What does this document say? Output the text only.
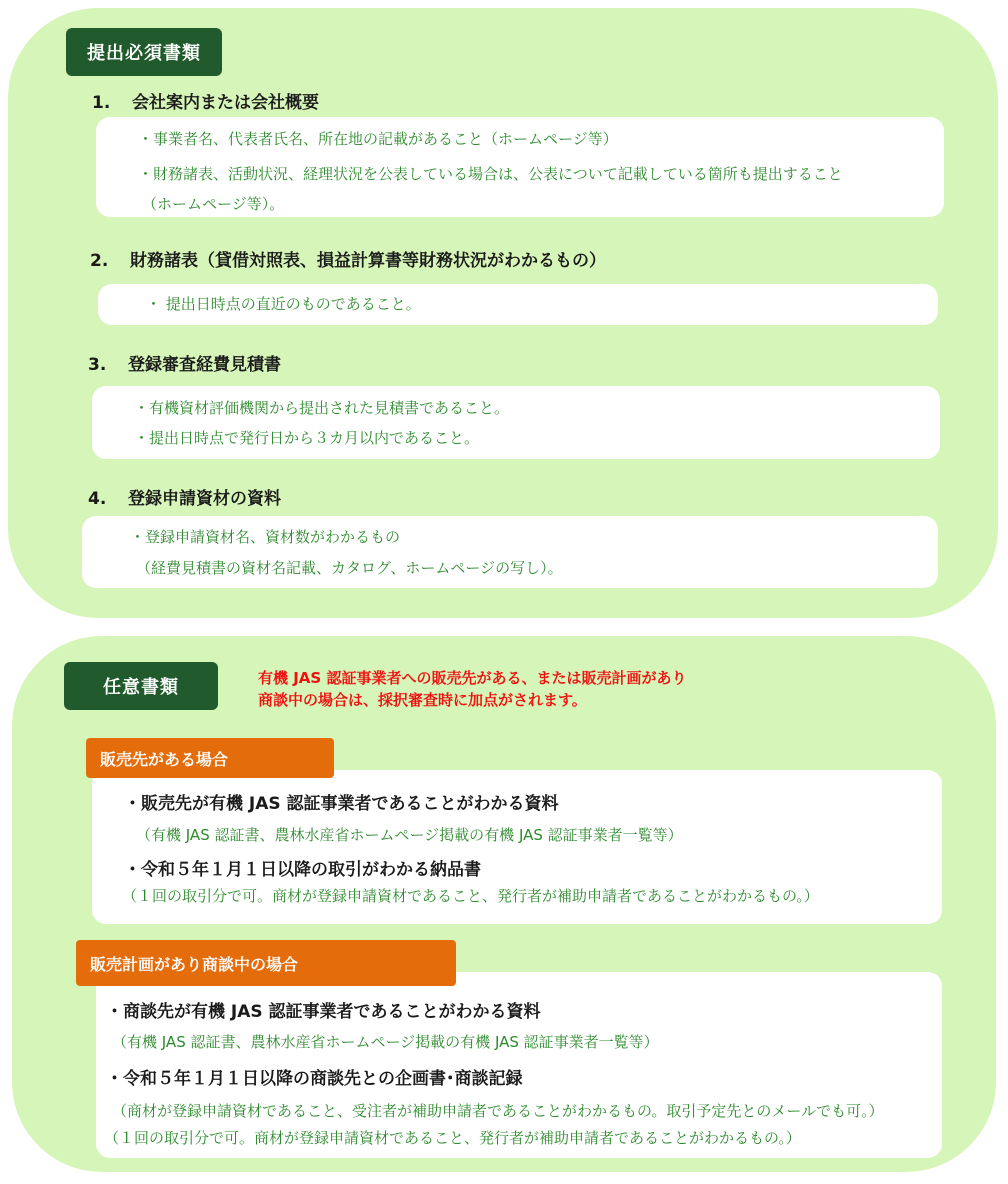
提出必須書類
1. 会社案内または会社概要
・事業者名、代表者氏名、所在地の記載があること（ホームページ等）
・財務諸表、活動状況、経理状況を公表している場合は、公表について記載している箇所も提出すること
（ホームページ等）。
2. 財務諸表（貸借対照表、損益計算書等財務状況がわかるもの）
・ 提出日時点の直近のものであること。
3. 登録審査経費見積書
・有機資材評価機関から提出された見積書であること。
・提出日時点で発行日から３カ月以内であること。
4. 登録申請資材の資料
・登録申請資材名、資材数がわかるもの
（経費見積書の資材名記載、カタログ、ホームページの写し）。
任意書類	有機 JAS 認証事業者への販売先がある、または販売計画があり
商談中の場合は、採択審査時に加点がされます。
販売先がある場合
・販売先が有機 JAS 認証事業者であることがわかる資料
（有機 JAS 認証書、農林水産省ホームページ掲載の有機 JAS 認証事業者一覧等）
・令和５年１月１日以降の取引がわかる納品書
（１回の取引分で可。商材が登録申請資材であること、発行者が補助申請者であることがわかるもの。）
販売計画があり商談中の場合
・商談先が有機 JAS 認証事業者であることがわかる資料
（有機 JAS 認証書、農林水産省ホームページ掲載の有機 JAS 認証事業者一覧等）
・令和５年１月１日以降の商談先との企画書･商談記録
（商材が登録申請資材であること、受注者が補助申請者であることがわかるもの。取引予定先とのメールでも可。）
（１回の取引分で可。商材が登録申請資材であること、発行者が補助申請者であることがわかるもの。）
